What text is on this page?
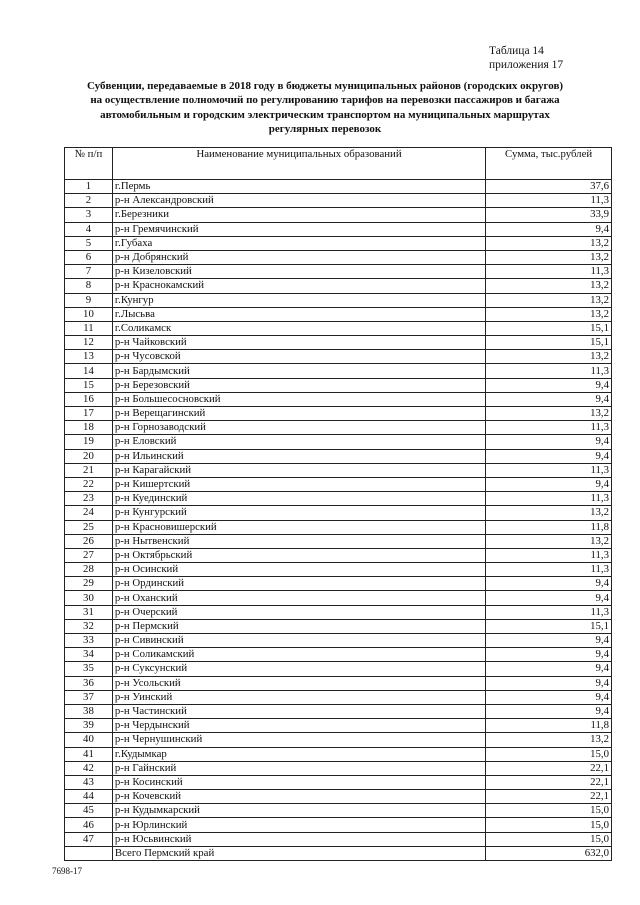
Таблица 14
приложения 17
Субвенции, передаваемые в 2018 году в бюджеты муниципальных районов (городских округов)
на осуществление полномочий по регулированию тарифов на перевозки пассажиров и багажа
автомобильным и городским электрическим транспортом на муниципальных маршрутах
регулярных перевозок
№ п/п	Наименование муниципальных образований	Сумма, тыс.рублей
1	г.Пермь	37,6
2	р-н Александровский	11,3
3	г.Березники	33,9
4	р-н Гремячинский	9,4
5	г.Губаха	13,2
6	р-н Добрянский	13,2
7	р-н Кизеловский	11,3
8	р-н Краснокамский	13,2
9	г.Кунгур	13,2
10	г.Лысьва	13,2
11	г.Соликамск	15,1
12	р-н Чайковский	15,1
13	р-н Чусовской	13,2
14	р-н Бардымский	11,3
15	р-н Березовский	9,4
16	р-н Большесосновский	9,4
17	р-н Верещагинский	13,2
18	р-н Горнозаводский	11,3
19	р-н Еловский	9,4
20	р-н Ильинский	9,4
21	р-н Карагайский	11,3
22	р-н Кишертский	9,4
23	р-н Куединский	11,3
24	р-н Кунгурский	13,2
25	р-н Красновишерский	11,8
26	р-н Нытвенский	13,2
27	р-н Октябрьский	11,3
28	р-н Осинский	11,3
29	р-н Ординский	9,4
30	р-н Оханский	9,4
31	р-н Очерский	11,3
32	р-н Пермский	15,1
33	р-н Сивинский	9,4
34	р-н Соликамский	9,4
35	р-н Суксунский	9,4
36	р-н Усольский	9,4
37	р-н Уинский	9,4
38	р-н Частинский	9,4
39	р-н Чердынский	11,8
40	р-н Чернушинский	13,2
41	г.Кудымкар	15,0
42	р-н Гайнский	22,1
43	р-н Косинский	22,1
44	р-н Кочевский	22,1
45	р-н Кудымкарский	15,0
46	р-н Юрлинский	15,0
47	р-н Юсьвинский	15,0
	Всего Пермский край	632,0
7698-17
